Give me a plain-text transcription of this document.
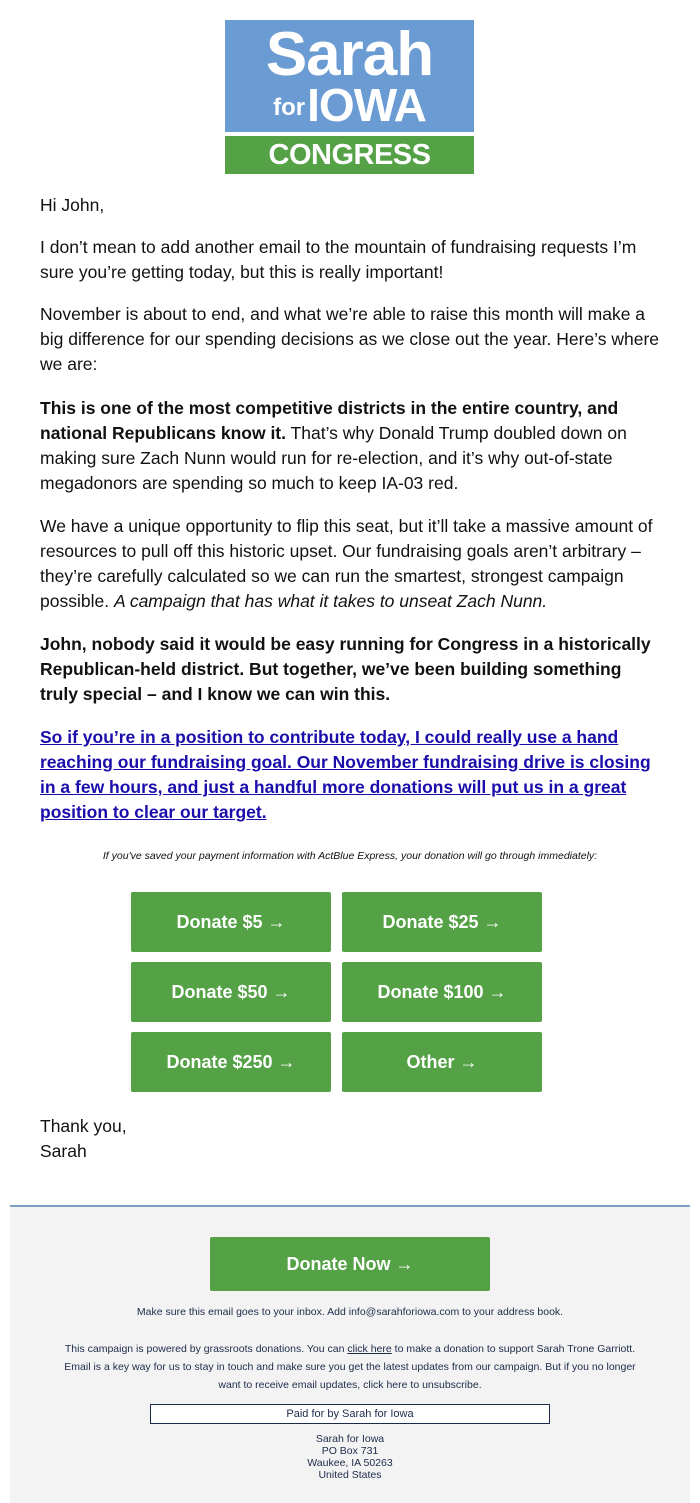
Sarah
forIOWA
CONGRESS
Hi John,

I don’t mean to add another email to the mountain of fundraising requests I’m sure you’re getting today, but this is really important!

November is about to end, and what we’re able to raise this month will make a big difference for our spending decisions as we close out the year. Here’s where we are:

This is one of the most competitive districts in the entire country, and national Republicans know it. That’s why Donald Trump doubled down on making sure Zach Nunn would run for re-election, and it’s why out-of-state megadonors are spending so much to keep IA-03 red.

We have a unique opportunity to flip this seat, but it’ll take a massive amount of resources to pull off this historic upset. Our fundraising goals aren’t arbitrary – they’re carefully calculated so we can run the smartest, strongest campaign possible. A campaign that has what it takes to unseat Zach Nunn.

John, nobody said it would be easy running for Congress in a historically Republican-held district. But together, we’ve been building something truly special – and I know we can win this.
So if you’re in a position to contribute today, I could really use a hand reaching our fundraising goal. Our November fundraising drive is closing in a few hours, and just a handful more donations will put us in a great position to clear our target.
If you've saved your payment information with ActBlue Express, your donation will go through immediately:
Donate $5 →	Donate $25 →
Donate $50 →	Donate $100 →
Donate $250 →	Other →
Thank you,
Sarah
Donate Now →
Make sure this email goes to your inbox. Add info@sarahforiowa.com to your address book.
This campaign is powered by grassroots donations. You can click here to make a donation to support Sarah Trone Garriott.
Email is a key way for us to stay in touch and make sure you get the latest updates from our campaign. But if you no longer
want to receive email updates, click here to unsubscribe.
Paid for by Sarah for Iowa
Sarah for Iowa
PO Box 731
Waukee, IA 50263
United States
